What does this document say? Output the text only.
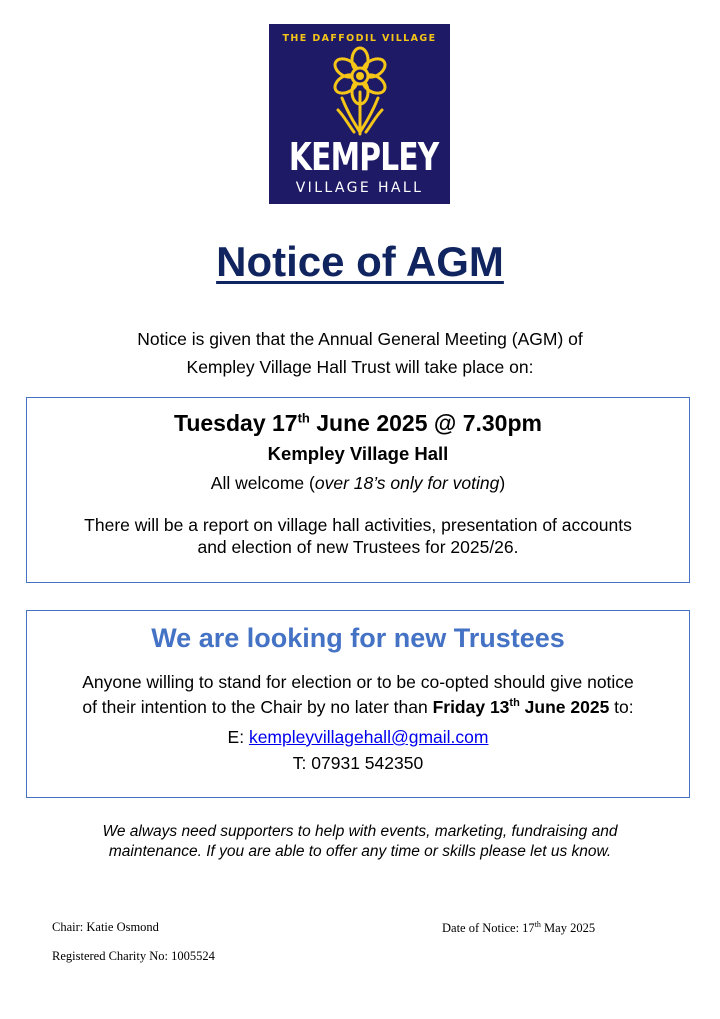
THE DAFFODIL VILLAGE
KEMPLEY
VILLAGE HALL
Notice of AGM
Notice is given that the Annual General Meeting (AGM) of
Kempley Village Hall Trust will take place on:
Tuesday 17th June 2025 @ 7.30pm
Kempley Village Hall
All welcome (over 18’s only for voting)
There will be a report on village hall activities, presentation of accounts
and election of new Trustees for 2025/26.
We are looking for new Trustees
Anyone willing to stand for election or to be co-opted should give notice
of their intention to the Chair by no later than Friday 13th June 2025 to:
E: kempleyvillagehall@gmail.com
T: 07931 542350
We always need supporters to help with events, marketing, fundraising and
maintenance. If you are able to offer any time or skills please let us know.
Chair: Katie Osmond	Date of Notice: 17th May 2025
Registered Charity No: 1005524
